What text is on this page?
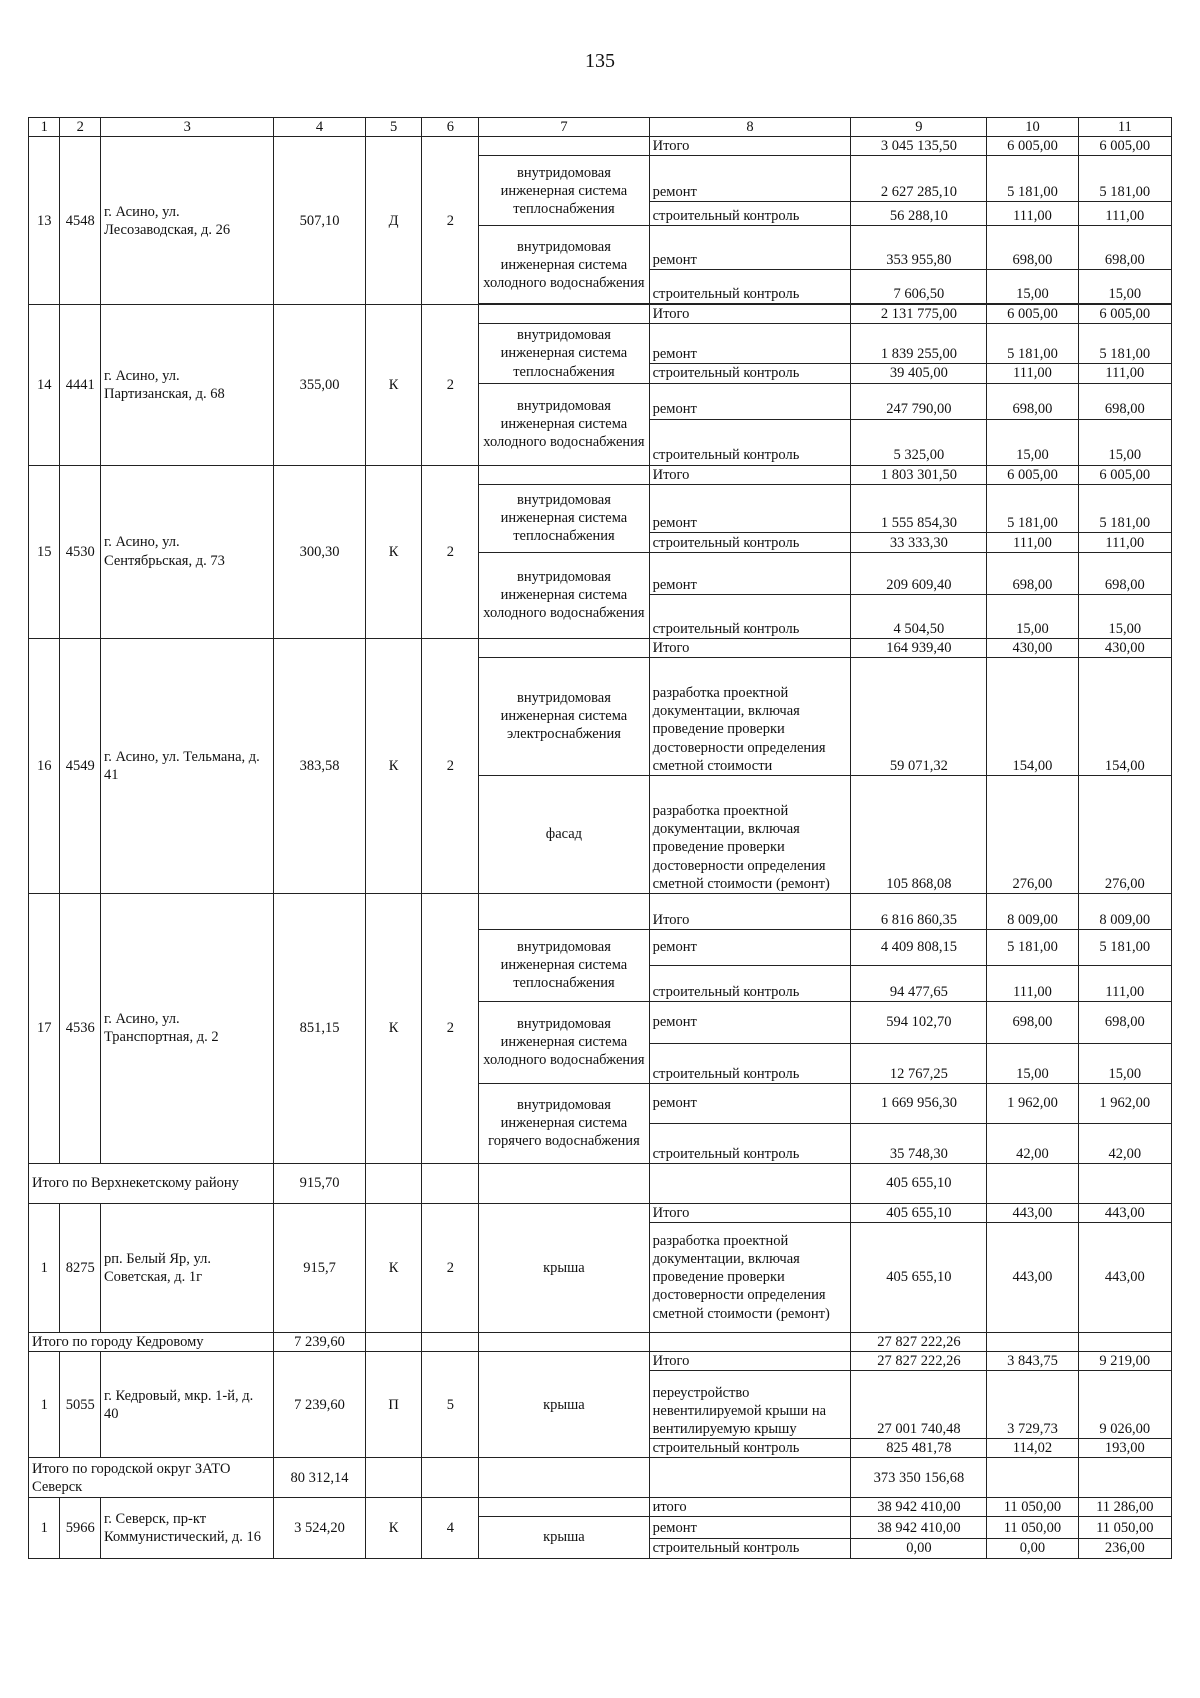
135
1	2	3	4	5	6	7	8	9	10	11
13	4548	г. Асино, ул. Лесозаводская, д. 26	507,10	Д	2		Итого	3 045 135,50	6 005,00	6 005,00
						внутридомовая инженерная система теплоснабжения	ремонт	2 627 285,10	5 181,00	5 181,00
							строительный контроль	56 288,10	111,00	111,00
						внутридомовая инженерная система холодного водоснабжения	ремонт	353 955,80	698,00	698,00
							строительный контроль	7 606,50	15,00	15,00

14	4441	г. Асино, ул. Партизанская, д. 68	355,00	К	2		Итого	2 131 775,00	6 005,00	6 005,00
						внутридомовая инженерная система теплоснабжения	ремонт	1 839 255,00	5 181,00	5 181,00
							строительный контроль	39 405,00	111,00	111,00
						внутридомовая инженерная система холодного водоснабжения	ремонт	247 790,00	698,00	698,00
							строительный контроль	5 325,00	15,00	15,00
15	4530	г. Асино, ул. Сентябрьская, д. 73	300,30	К	2		Итого	1 803 301,50	6 005,00	6 005,00
						внутридомовая инженерная система теплоснабжения	ремонт	1 555 854,30	5 181,00	5 181,00
							строительный контроль	33 333,30	111,00	111,00
						внутридомовая инженерная система холодного водоснабжения	ремонт	209 609,40	698,00	698,00
							строительный контроль	4 504,50	15,00	15,00
16	4549	г. Асино, ул. Тельмана, д. 41	383,58	К	2		Итого	164 939,40	430,00	430,00
						внутридомовая инженерная система электроснабжения	разработка проектной документации, включая проведение проверки достоверности определения сметной стоимости	59 071,32	154,00	154,00
						фасад	разработка проектной документации, включая проведение проверки достоверности определения сметной стоимости (ремонт)	105 868,08	276,00	276,00
17	4536	г. Асино, ул. Транспортная, д. 2	851,15	К	2		Итого	6 816 860,35	8 009,00	8 009,00
						внутридомовая инженерная система теплоснабжения	ремонт	4 409 808,15	5 181,00	5 181,00
							строительный контроль	94 477,65	111,00	111,00
						внутридомовая инженерная система холодного водоснабжения	ремонт	594 102,70	698,00	698,00
							строительный контроль	12 767,25	15,00	15,00
						внутридомовая инженерная система горячего водоснабжения	ремонт	1 669 956,30	1 962,00	1 962,00
							строительный контроль	35 748,30	42,00	42,00
Итого по Верхнекетскому району			915,70					405 655,10		
1	8275	рп. Белый Яр, ул. Советская, д. 1г	915,7	К	2	крыша	Итого	405 655,10	443,00	443,00
							разработка проектной документации, включая проведение проверки достоверности определения сметной стоимости (ремонт)	405 655,10	443,00	443,00
Итого по городу Кедровому			7 239,60					27 827 222,26		
1	5055	г. Кедровый, мкр. 1-й, д. 40	7 239,60	П	5	крыша	Итого	27 827 222,26	3 843,75	9 219,00
							переустройство невентилируемой крыши на вентилируемую крышу	27 001 740,48	3 729,73	9 026,00
							строительный контроль	825 481,78	114,02	193,00
Итого по городской округ ЗАТО Северск			80 312,14					373 350 156,68		
1	5966	г. Северск, пр-кт Коммунистический, д. 16	3 524,20	К	4		итого	38 942 410,00	11 050,00	11 286,00
						крыша	ремонт	38 942 410,00	11 050,00	11 050,00
							строительный контроль	0,00	0,00	236,00
